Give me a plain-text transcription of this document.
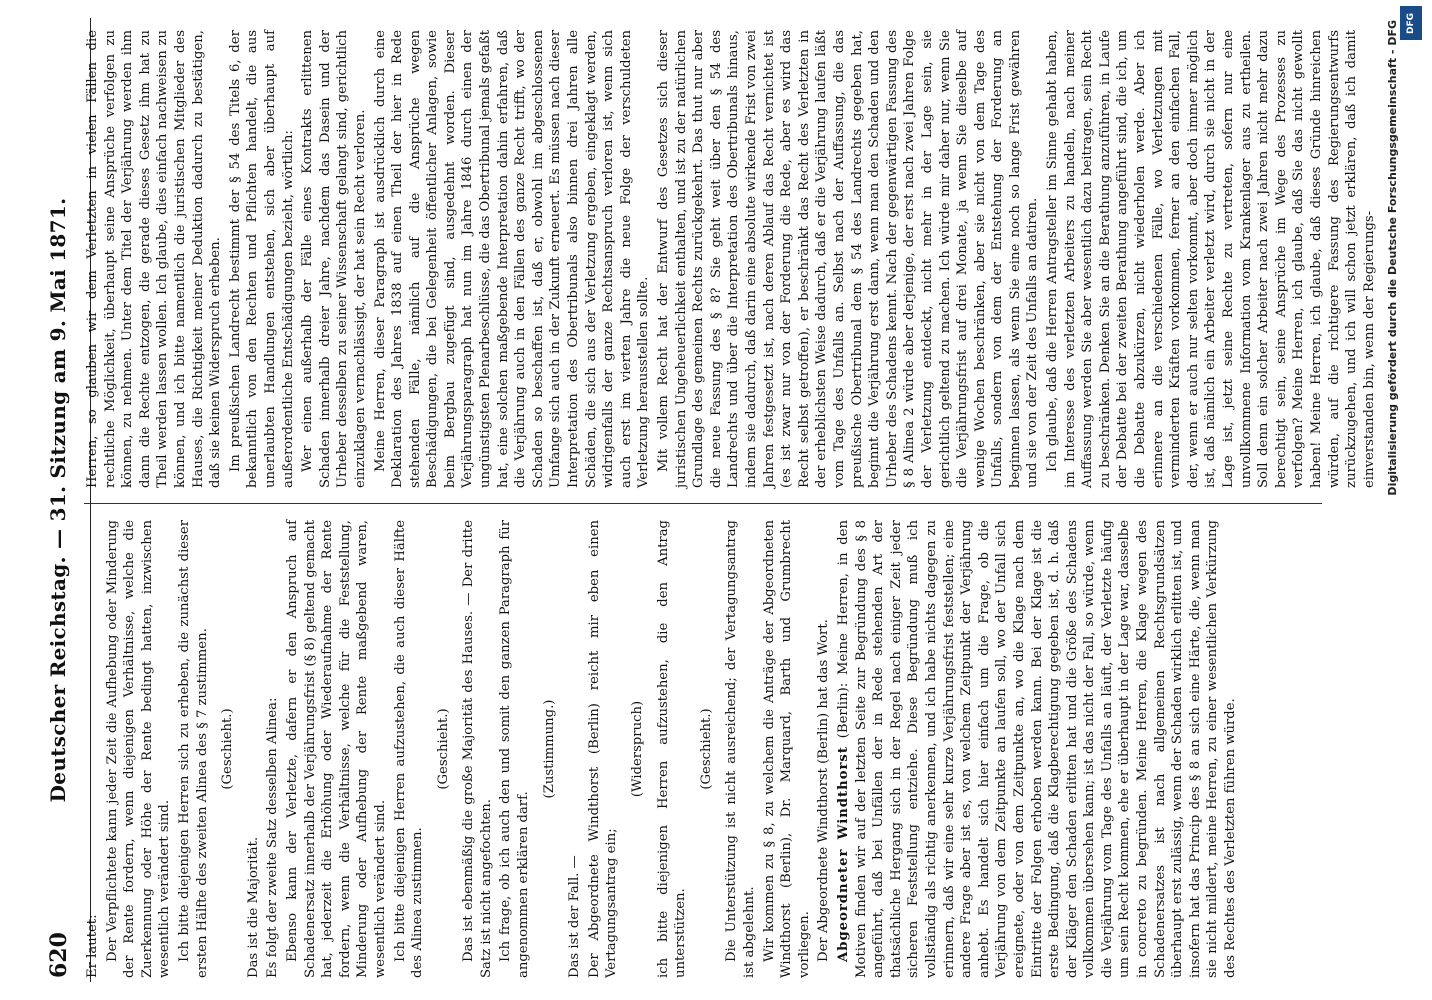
620
Deutscher Reichstag. — 31. Sitzung am 9. Mai 1871.

Er lautet: Der Verpflichtete kann jeder Zeit die Aufhebung oder Minderung der Rente fordern, wenn diejenigen Verhältnisse, welche die Zuerkennung oder Höhe der Rente bedingt hatten, inzwischen wesentlich verändert sind. Ich bitte diejenigen Herren sich zu erheben, die zunächst dieser ersten Hälfte des zweiten Alinea des § 7 zustimmen. (Geschieht.)

Das ist die Majorität. Es folgt der zweite Satz desselben Alinea: Ebenso kann der Verletzte, dafern er den Anspruch auf Schadenersatz innerhalb der Verjährungsfrist (§ 8) geltend gemacht hat, jederzeit die Erhöhung oder Wiederaufnahme der Rente fordern, wenn die Verhältnisse, welche für die Feststellung, Minderung oder Aufhebung der Rente maßgebend waren, wesentlich verändert sind. Ich bitte diejenigen Herren aufzustehen, die auch dieser Hälfte des Alinea zustimmen.

(Geschieht.) Das ist ebenmäßig die große Majorität des Hauses. — Der dritte Satz ist nicht angefochten. Ich frage, ob ich auch den und somit den ganzen Paragraph für angenommen erklären darf.

(Zustimmung.)

Das ist der Fall. — Der Abgeordnete Windthorst (Berlin) reicht mir eben einen Vertagungsantrag ein;

(Widerspruch) ich bitte diejenigen Herren aufzustehen, die den Antrag unterstützen.

(Geschieht.) Die Unterstützung ist nicht ausreichend; der Vertagungsantrag ist abgelehnt. Wir kommen zu § 8, zu welchem die Anträge der Abgeordneten Windthorst (Berlin), Dr. Marquard, Barth und Grumbrecht vorliegen. Der Abgeordnete Windthorst (Berlin) hat das Wort. Abgeordneter Windthorst (Berlin): Meine Herren, in den Motiven finden wir auf der letzten Seite zur Begründung des § 8 angeführt, daß bei Unfällen der in Rede stehenden Art der thatsächliche Hergang sich in der Regel nach einiger Zeit jeder sicheren Feststellung entziehe. Diese Begründung muß ich vollständig als richtig anerkennen, und ich habe nichts dagegen zu erinnern, daß wir eine sehr kurze Verjährungsfrist feststellen; eine andere Frage aber ist es, von welchem Zeitpunkt der Verjährung anhebt. Es handelt sich hier einfach um die Frage, ob die Verjährung von dem Zeitpunkte an laufen soll, wo der Unfall sich ereignete, oder von dem Zeitpunkte an, wo die Klage nach dem Eintritte der Folgen erhoben werden kann. Bei der Klage ist die erste Bedingung, daß die Klagberechtigung gegeben ist, d. h. daß der Kläger den Schaden erlitten hat und die Größe des Schadens vollkommen übersehen kann; ist das nicht der Fall, so würde, wenn die Verjährung vom Tage des Unfalls an läuft, der Verletzte häufig um sein Recht kommen, ehe er überhaupt in der Lage war, dasselbe in concreto zu begründen. Meine Herren, die Klage wegen des Schadenersatzes ist nach allgemeinen Rechtsgrundsätzen überhaupt erst zulässig, wenn der Schaden wirklich erlitten ist, und insofern hat das Princip des § 8 an sich eine Härte, die, wenn man sie nicht mildert, meine Herren, zu einer wesentlichen Verkürzung des Rechtes des Verletzten führen würde.

Herren, so glauben wir dem Verletzten in vielen Fällen die rechtliche Möglichkeit, überhaupt seine Ansprüche verfolgen zu können, zu nehmen. Unter dem Titel der Verjährung werden ihm dann die Rechte entzogen, die gerade dieses Gesetz ihm hat zu Theil werden lassen wollen. Ich glaube, dies einfach nachweisen zu können, und ich bitte namentlich die juristischen Mitglieder des Hauses, die Richtigkeit meiner Deduktion dadurch zu bestätigen, daß sie keinen Widerspruch erheben. Im preußischen Landrecht bestimmt der § 54 des Titels 6, der bekanntlich von den Rechten und Pflichten handelt, die aus unerlaubten Handlungen entstehen, sich aber überhaupt auf außerordentliche Entschädigungen bezieht, wörtlich: Wer einen außerhalb der Fälle eines Kontrakts erlittenen Schaden innerhalb dreier Jahre, nachdem das Dasein und der Urheber desselben zu seiner Wissenschaft gelangt sind, gerichtlich einzuklagen vernachlässigt, der hat sein Recht verloren. Meine Herren, dieser Paragraph ist ausdrücklich durch eine Deklaration des Jahres 1838 auf einen Theil der hier in Rede stehenden Fälle, nämlich auf die Ansprüche wegen Beschädigungen, die bei Gelegenheit öffentlicher Anlagen, sowie beim Bergbau zugefügt sind, ausgedehnt worden. Dieser Verjährungsparagraph hat nun im Jahre 1846 durch einen der ungünstigsten Plenarbeschlüsse, die das Obertribunal jemals gefaßt hat, eine solchen maßgebende Interpretation dahin erfahren, daß die Verjährung auch in den Fällen des ganze Recht trifft, wo der Schaden so beschaffen ist, daß er, obwohl im abgeschlossenen Umfange sich auch in der Zukunft erneuert. Es müssen nach dieser Interpretation des Obertribunals also binnen drei Jahren alle Schäden, die sich aus der Verletzung ergeben, eingeklagt werden, widrigenfalls der ganze Rechtsanspruch verloren ist, wenn sich auch erst im vierten Jahre die neue Folge der verschuldeten Verletzung herausstellen sollte. Mit vollem Recht hat der Entwurf des Gesetzes sich dieser juristischen Ungeheuerlichkeit enthalten, und ist zu der natürlichen Grundlage des gemeinen Rechts zurückgekehrt. Das thut nur aber die neue Fassung des § 8? Sie geht weit über den § 54 des Landrechts und über die Interpretation des Obertribunals hinaus, indem sie dadurch, daß darin eine absolute wirkende Frist von zwei Jahren festgesetzt ist, nach deren Ablauf das Recht vernichtet ist (es ist zwar nur von der Forderung die Rede, aber es wird das Recht selbst getroffen), er beschränkt das Recht des Verletzten in der erheblichsten Weise dadurch, daß er die Verjährung laufen läßt vom Tage des Unfalls an. Selbst nach der Auffassung, die das preußische Obertribunal dem § 54 des Landrechts gegeben hat, beginnt die Verjährung erst dann, wenn man den Schaden und den Urheber des Schadens kennt. Nach der gegenwärtigen Fassung des § 8 Alinea 2 würde aber derjenige, der erst nach zwei Jahren Folge der Verletzung entdeckt, nicht mehr in der Lage sein, sie gerichtlich geltend zu machen. Ich würde mir daher nur, wenn Sie die Verjährungsfrist auf drei Monate, ja wenn Sie dieselbe auf wenige Wochen beschränken, aber sie nicht von dem Tage des Unfalls, sondern von dem der Entstehung der Forderung an beginnen lassen, als wenn Sie eine noch so lange Frist gewähren und sie von der Zeit des Unfalls an datiren. Ich glaube, daß die Herren Antragsteller im Sinne gehabt haben, im Interesse des verletzten Arbeiters zu handeln, nach meiner Auffassung werden Sie aber wesentlich dazu beitragen, sein Recht zu beschränken. Denken Sie an die Berathung anzuführen, in Laufe der Debatte bei der zweiten Berathung angeführt sind, die ich, um die Debatte abzukürzen, nicht wiederholen werde. Aber ich erinnere an die verschiedenen Fälle, wo Verletzungen mit verminderten Kräften vorkommen, ferner an den einfachen Fall, der, wenn er auch nur selten vorkommt, aber doch immer möglich ist, daß nämlich ein Arbeiter verletzt wird, durch sie nicht in der Lage ist, jetzt seine Rechte zu vertreten, sofern nur eine unvollkommene Information vom Krankenlager aus zu ertheilen. Soll denn ein solcher Arbeiter nach zwei Jahren nicht mehr dazu berechtigt sein, seine Ansprüche im Wege des Prozesses zu verfolgen? Meine Herren, ich glaube, daß Sie das nicht gewollt haben! Meine Herren, ich glaube, daß dieses Gründe hinreichen würden, auf die richtigere Fassung des Regierungsentwurfs zurückzugehen, und ich will schon jetzt erklären, daß ich damit einverstanden bin, wenn der Regierungs- Digitalisierung gefördert durch die Deutsche Forschungsgemeinschaft - DFG DFG
